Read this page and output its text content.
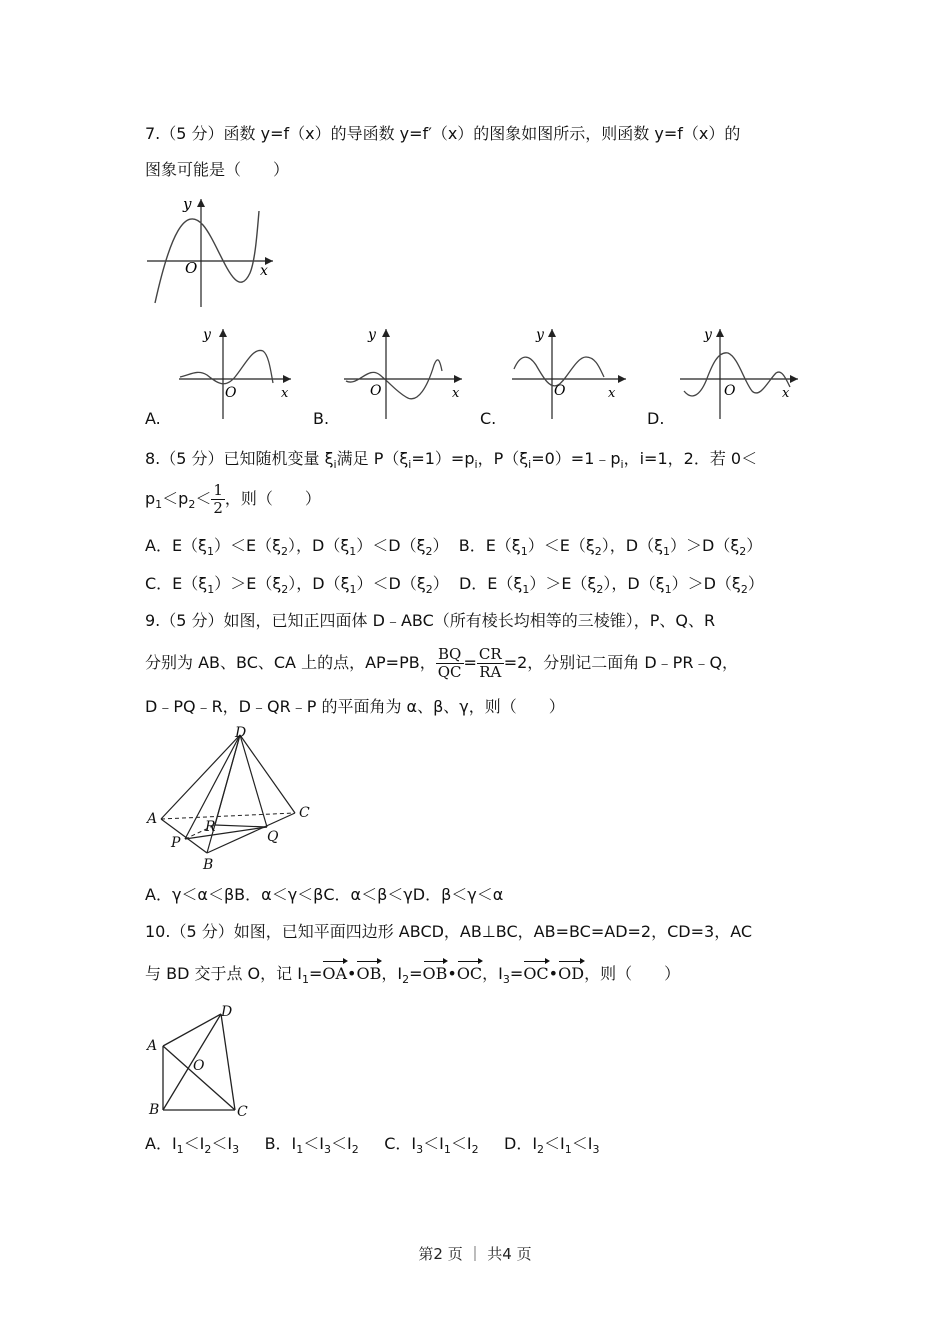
7.（5 分）函数 y=f（x）的导函数 y=f′（x）的图象如图所示，则函数 y=f（x）的
图象可能是（　　）
y
O	x
A.
y
O	x
B.
y
O	x
C.
y
O	x
D.
y
O	x
8.（5 分）已知随机变量 $\xi_i$满足 $P(\xi_i=1)=p_i$，$P(\xi_i=0)=1﹣p_i$，i=1，2．若 0＜
$p_1<p_2< \frac{1}{2}$ ，则（　　）
A．$E(\xi_1)<E(\xi_2)$，$D(\xi_1)<D(\xi_2)$ B．$E(\xi_1)<E(\xi_2)$，$D(\xi_1)>D(\xi_2)$
C．$E(\xi_1)>E(\xi_2)$，$D(\xi_1)<D(\xi_2)$ D．$E(\xi_1)>E(\xi_2)$，$D(\xi_1)>D(\xi_2)$
9.（5 分）如图，已知正四面体 D﹣ABC（所有棱长均相等的三棱锥），P、Q、R
分别为 AB、BC、CA 上的点，AP=PB， $\frac{BQ}{QC} = \frac{CR}{RA} =2$，分别记二面角 D﹣PR﹣Q，
D﹣PQ﹣R，D﹣QR﹣P 的平面角为 α、β、γ，则（　　）
D
A	C
R
P	Q
B
A．γ＜α＜βB．α＜γ＜βC．α＜β＜γD．β＜γ＜α
10.（5 分）如图，已知平面四边形 ABCD，AB⊥BC，AB=BC=AD=2，CD=3，AC
与 BD 交于点 O，记 $I_1=OA•OB$，$I_2=OB•OC$，$I_3=OC•OD$，则（　　）
D
A
O
B	C
A．$I_1<I_2<I_3$ B．$I_1<I_3<I_2$ C．$I_3<I_1<I_2$ D．$I_2<I_1<I_3$
第2 页 ｜ 共4 页
